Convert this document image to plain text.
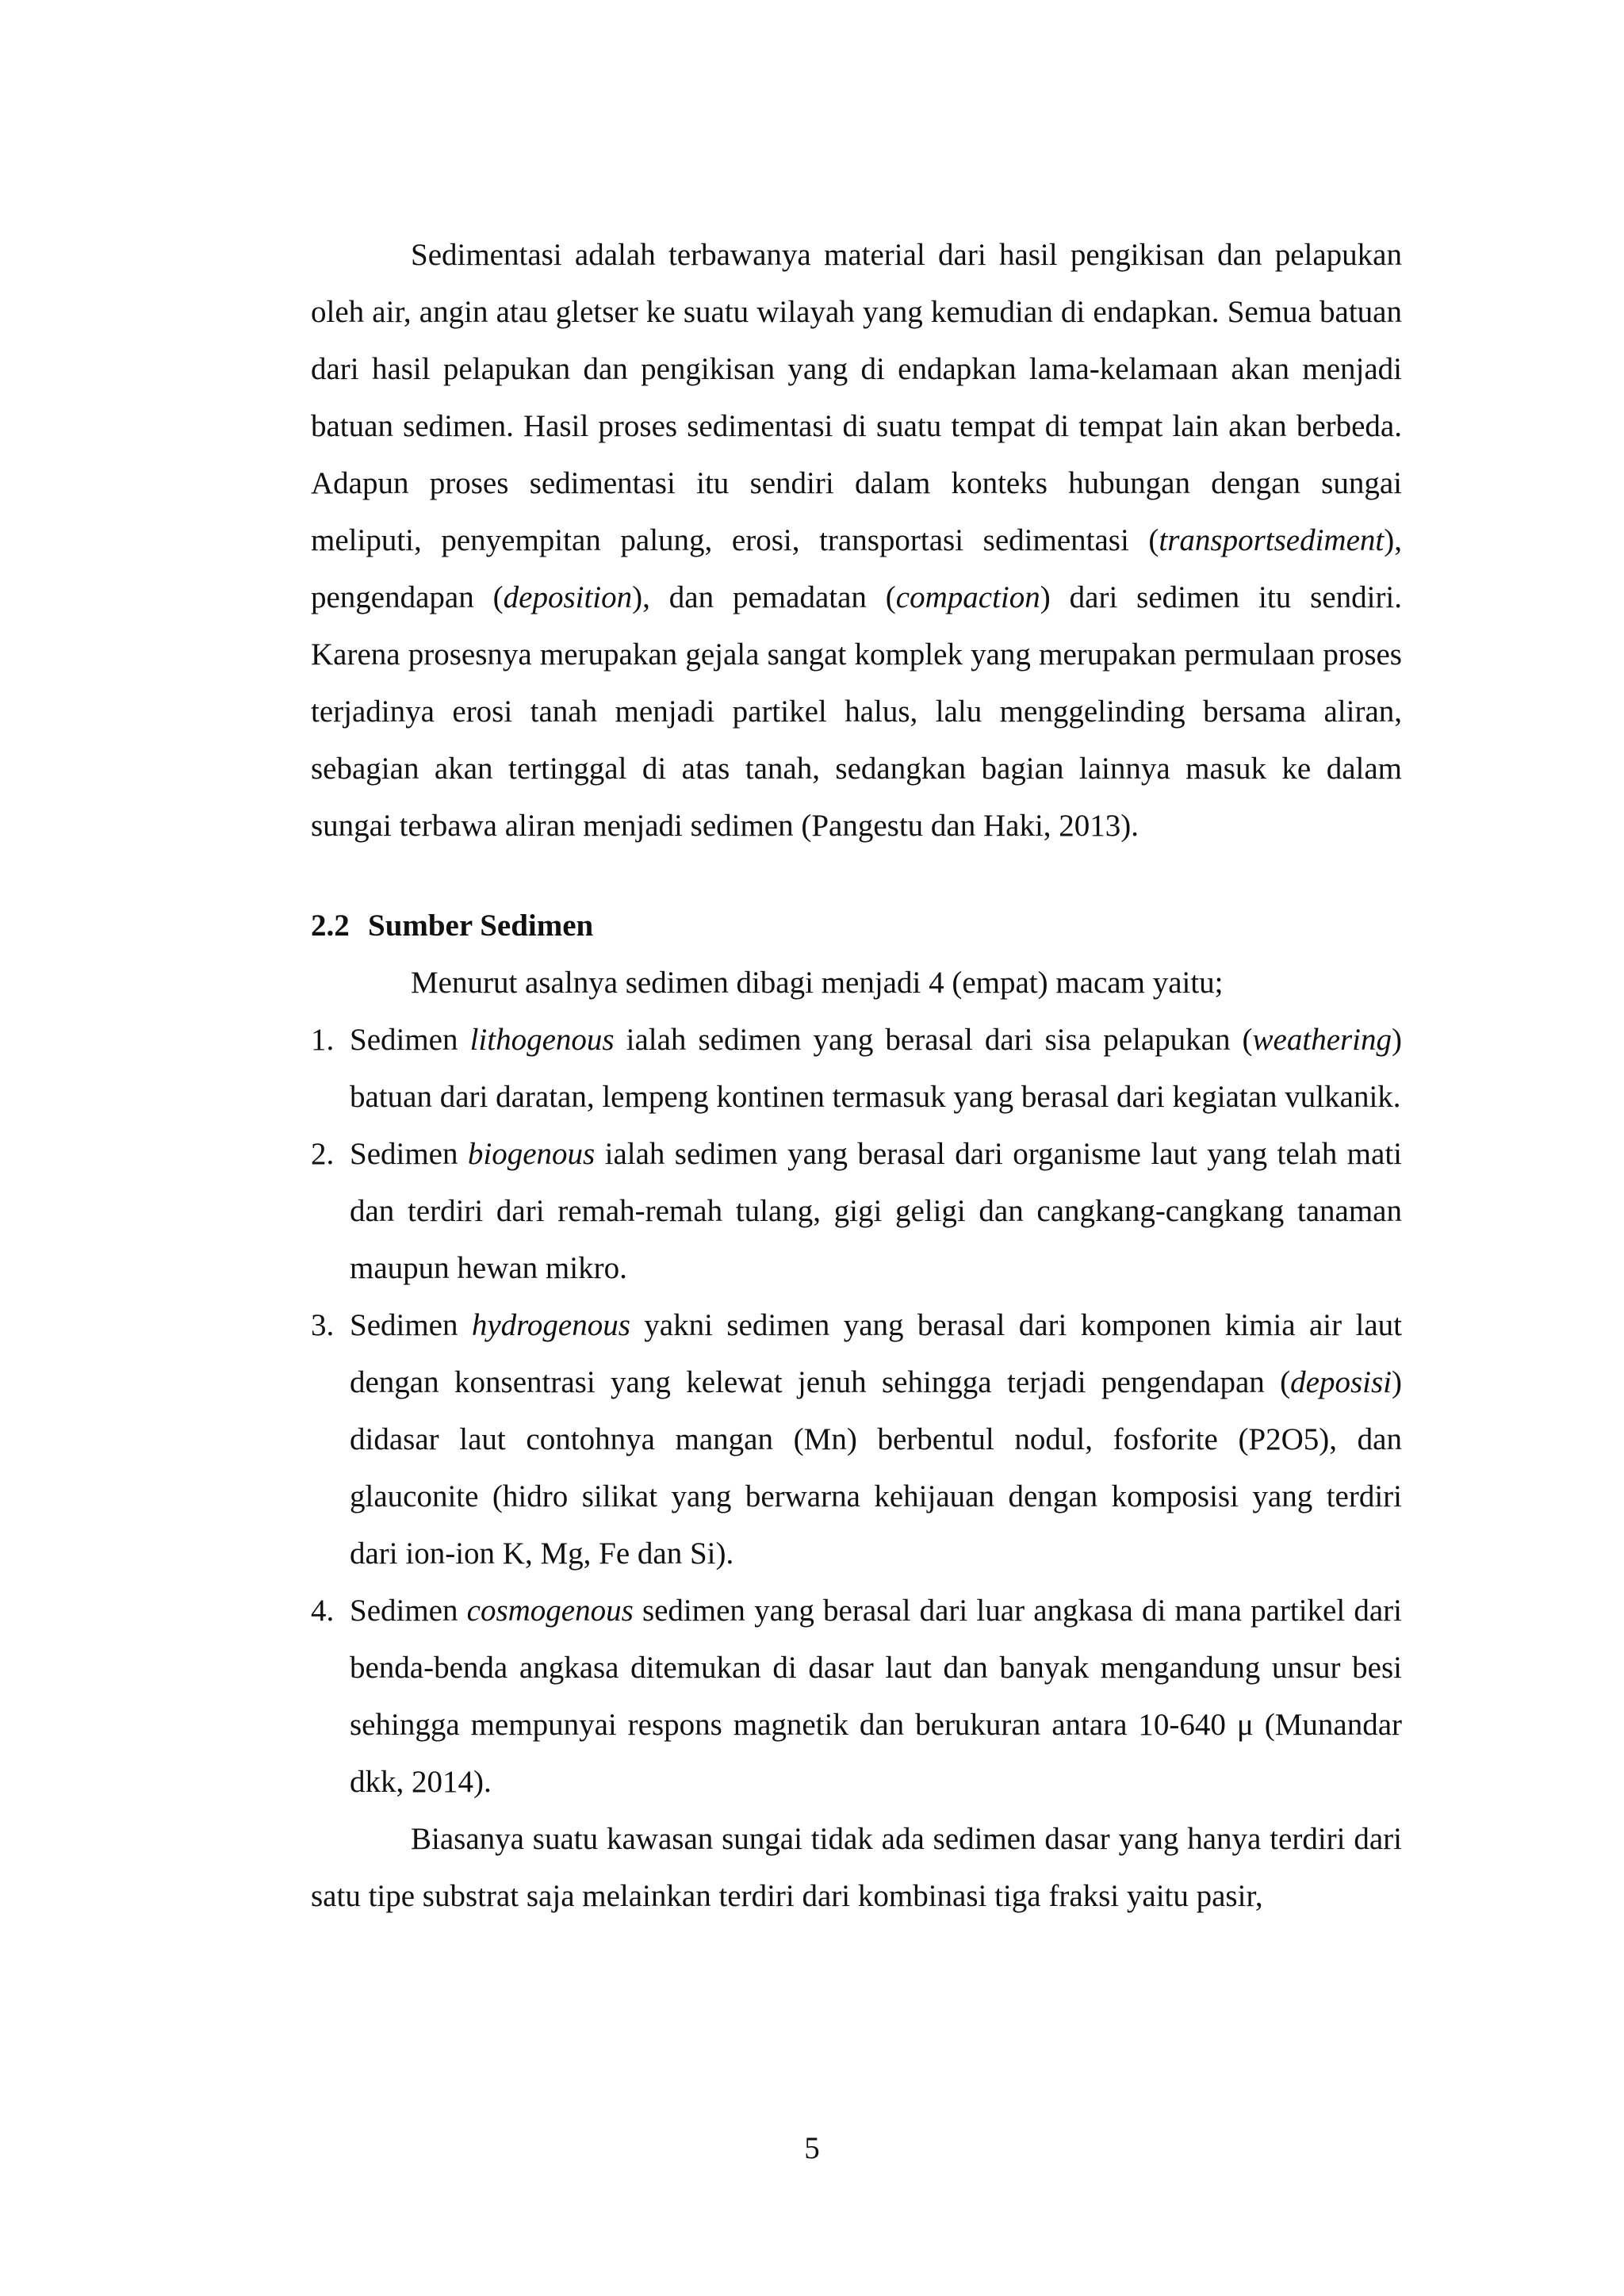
Sedimentasi adalah terbawanya material dari hasil pengikisan dan pelapukan oleh air, angin atau gletser ke suatu wilayah yang kemudian di endapkan. Semua batuan dari hasil pelapukan dan pengikisan yang di endapkan lama-kelamaan akan menjadi batuan sedimen. Hasil proses sedimentasi di suatu tempat di tempat lain akan berbeda. Adapun proses sedimentasi itu sendiri dalam konteks hubungan dengan sungai meliputi, penyempitan palung, erosi, transportasi sedimentasi (transportsediment), pengendapan (deposition), dan pemadatan (compaction) dari sedimen itu sendiri. Karena prosesnya merupakan gejala sangat komplek yang merupakan permulaan proses terjadinya erosi tanah menjadi partikel halus, lalu menggelinding bersama aliran, sebagian akan tertinggal di atas tanah, sedangkan bagian lainnya masuk ke dalam sungai terbawa aliran menjadi sedimen (Pangestu dan Haki, 2013).

2.2 Sumber Sedimen

Menurut asalnya sedimen dibagi menjadi 4 (empat) macam yaitu;

1. Sedimen lithogenous ialah sedimen yang berasal dari sisa pelapukan (weathering) batuan dari daratan, lempeng kontinen termasuk yang berasal dari kegiatan vulkanik.
2. Sedimen biogenous ialah sedimen yang berasal dari organisme laut yang telah mati dan terdiri dari remah-remah tulang, gigi geligi dan cangkang-cangkang tanaman maupun hewan mikro.
3. Sedimen hydrogenous yakni sedimen yang berasal dari komponen kimia air laut dengan konsentrasi yang kelewat jenuh sehingga terjadi pengendapan (deposisi) didasar laut contohnya mangan (Mn) berbentul nodul, fosforite (P2O5), dan glauconite (hidro silikat yang berwarna kehijauan dengan komposisi yang terdiri dari ion-ion K, Mg, Fe dan Si).
4. Sedimen cosmogenous sedimen yang berasal dari luar angkasa di mana partikel dari benda-benda angkasa ditemukan di dasar laut dan banyak mengandung unsur besi sehingga mempunyai respons magnetik dan berukuran antara 10-640 μ (Munandar dkk, 2014).

Biasanya suatu kawasan sungai tidak ada sedimen dasar yang hanya terdiri dari satu tipe substrat saja melainkan terdiri dari kombinasi tiga fraksi yaitu pasir,

5
